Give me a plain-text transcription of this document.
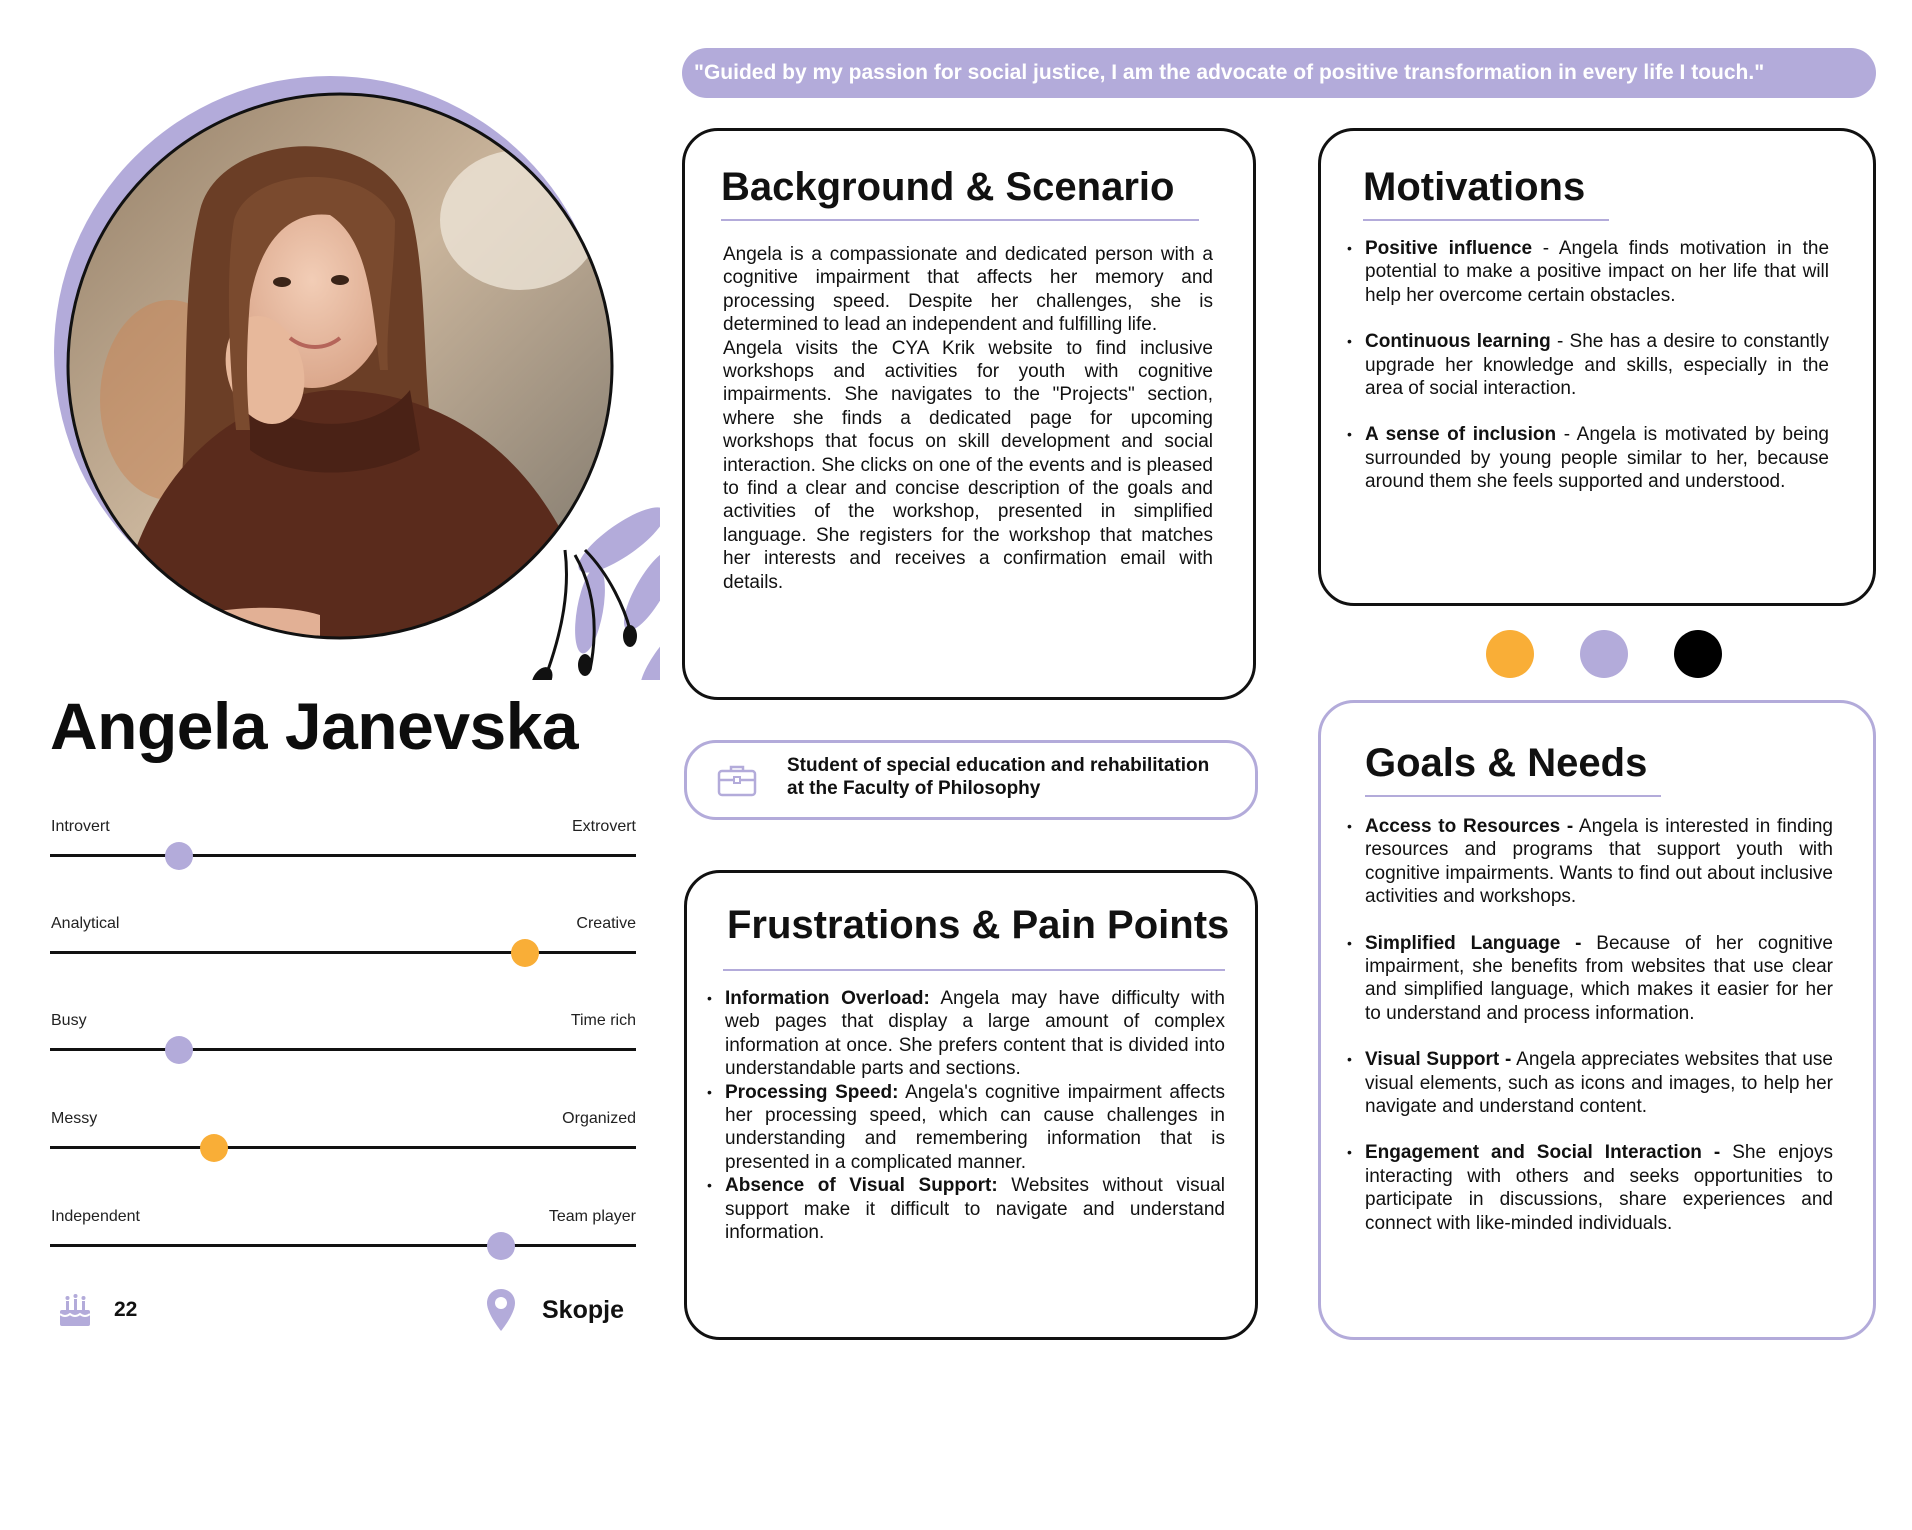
"Guided by my passion for social justice, I am the advocate of positive transformation in every life I touch."
Angela Janevska
Introvert	Extrovert
Analytical	Creative
Busy	Time rich
Messy	Organized
Independent	Team player
22	Skopje
Background & Scenario
Angela is a compassionate and dedicated person with a cognitive impairment that affects her memory and processing speed. Despite her challenges, she is determined to lead an independent and fulfilling life.
Angela visits the CYA Krik website to find inclusive workshops and activities for youth with cognitive impairments. She navigates to the "Projects" section, where she finds a dedicated page for upcoming workshops that focus on skill development and social interaction. She clicks on one of the events and is pleased to find a clear and concise description of the goals and activities of the workshop, presented in simplified language. She registers for the workshop that matches her interests and receives a confirmation email with details.
Motivations
• Positive influence - Angela finds motivation in the potential to make a positive impact on her life that will help her overcome certain obstacles.
• Continuous learning - She has a desire to constantly upgrade her knowledge and skills, especially in the area of social interaction.
• A sense of inclusion - Angela is motivated by being surrounded by young people similar to her, because around them she feels supported and understood.
Student of special education and rehabilitation at the Faculty of Philosophy
Frustrations & Pain Points
• Information Overload: Angela may have difficulty with web pages that display a large amount of complex information at once. She prefers content that is divided into understandable parts and sections.
• Processing Speed: Angela's cognitive impairment affects her processing speed, which can cause challenges in understanding and remembering information that is presented in a complicated manner.
• Absence of Visual Support: Websites without visual support make it difficult to navigate and understand information.
Goals & Needs
• Access to Resources - Angela is interested in finding resources and programs that support youth with cognitive impairments. Wants to find out about inclusive activities and workshops.
• Simplified Language - Because of her cognitive impairment, she benefits from websites that use clear and simplified language, which makes it easier for her to understand and process information.
• Visual Support - Angela appreciates websites that use visual elements, such as icons and images, to help her navigate and understand content.
• Engagement and Social Interaction - She enjoys interacting with others and seeks opportunities to participate in discussions, share experiences and connect with like-minded individuals.
